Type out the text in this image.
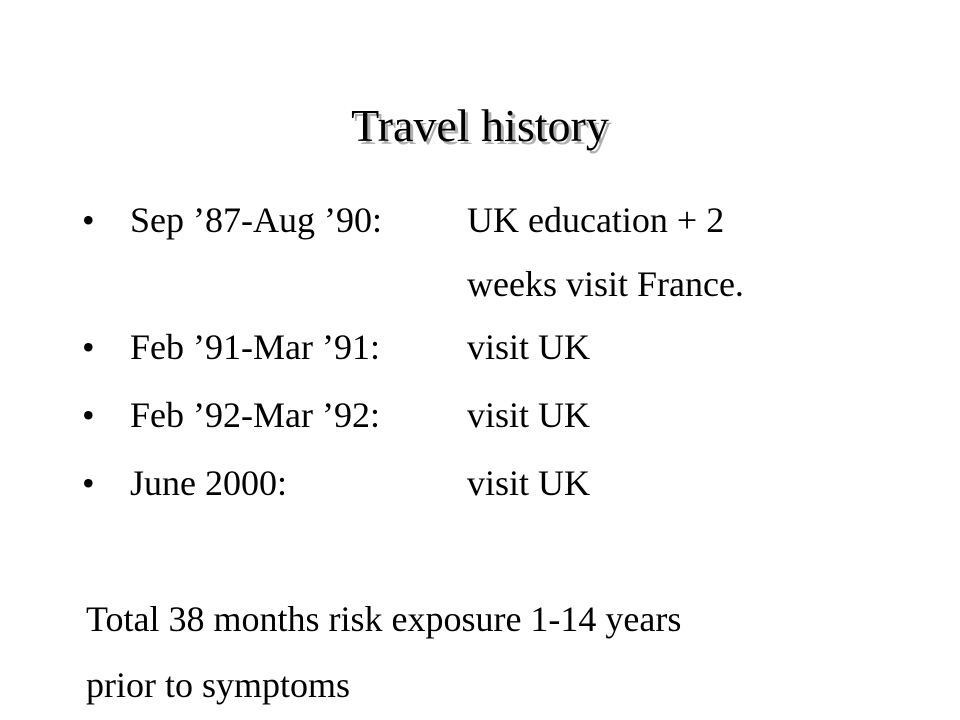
Travel history
• Sep ’87-Aug ’90: UK education + 2
weeks visit France.
• Feb ’91-Mar ’91: visit UK
• Feb ’92-Mar ’92: visit UK
• June 2000:	visit UK

Total 38 months risk exposure 1-14 years
prior to symptoms
